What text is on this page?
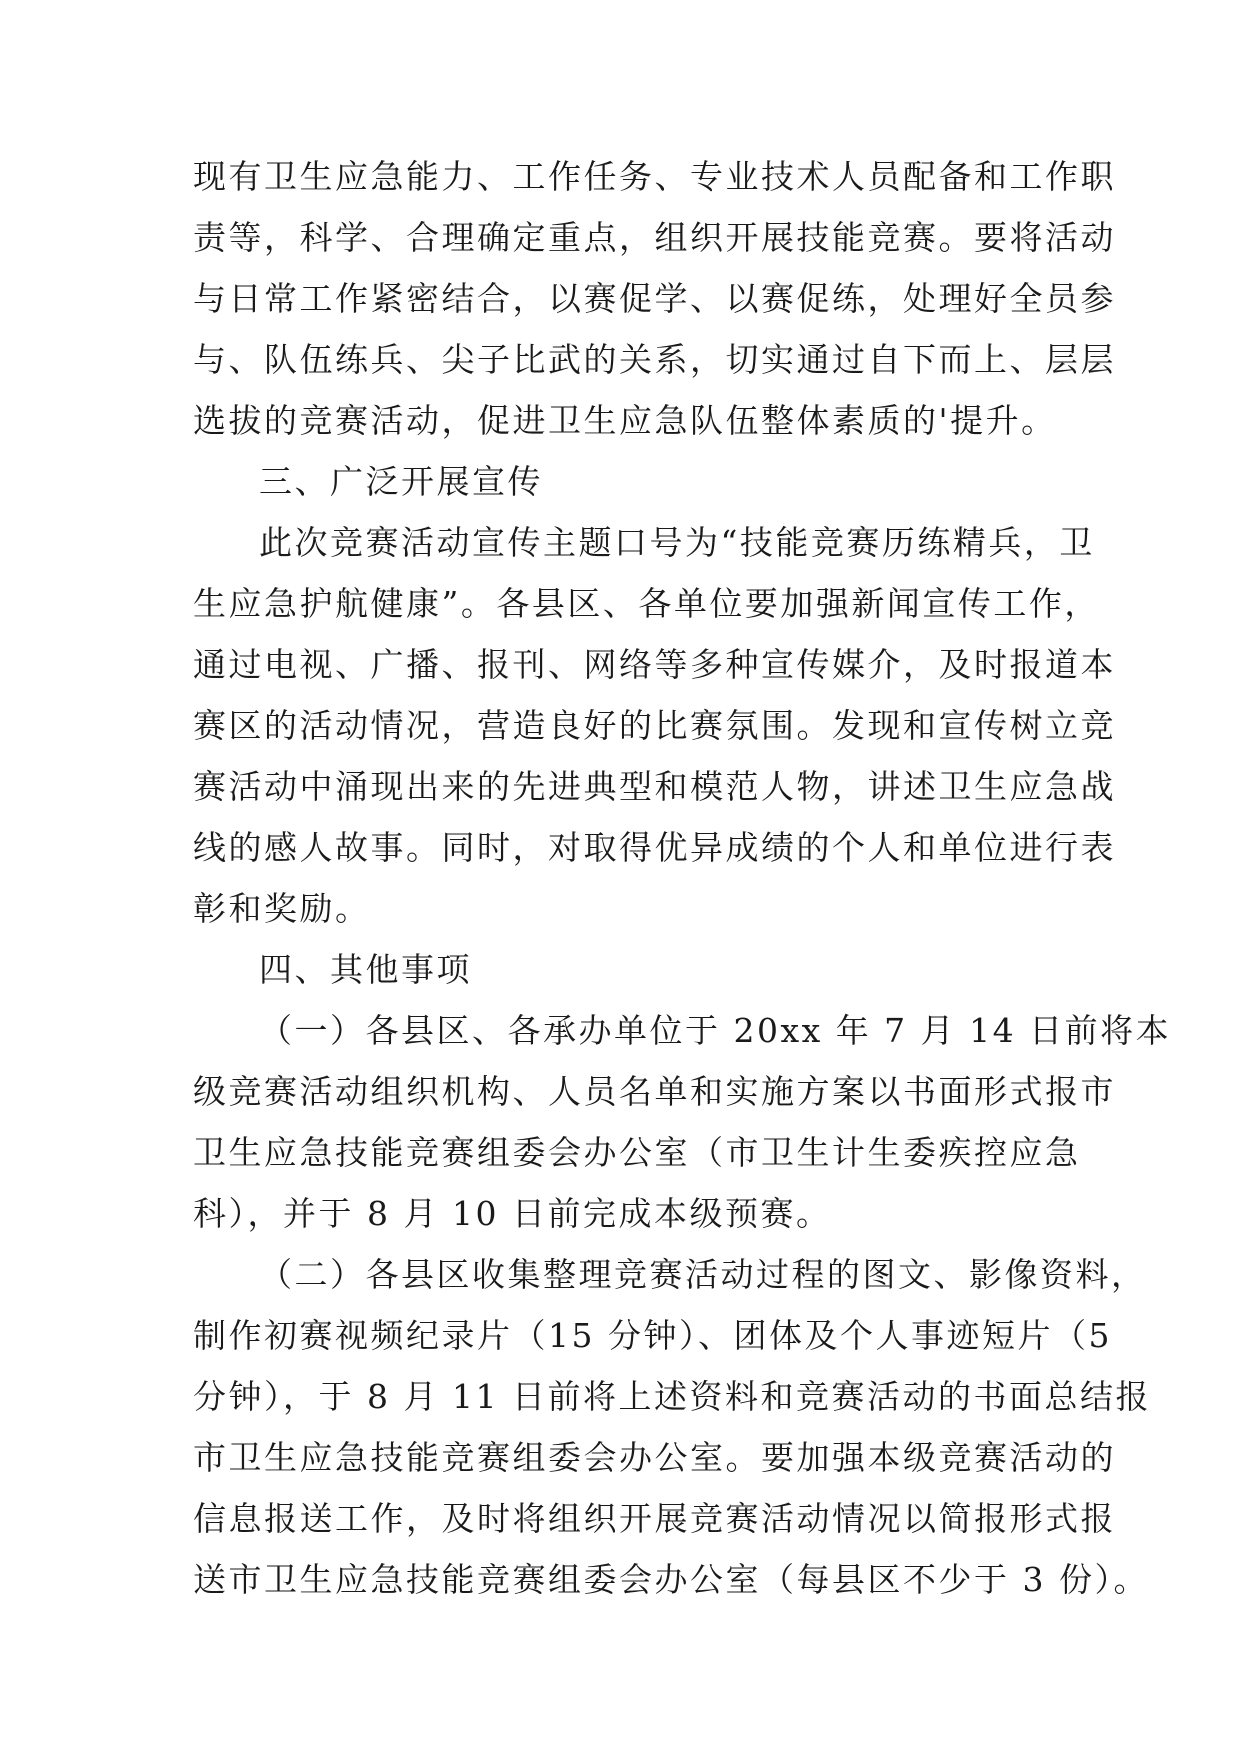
现有卫生应急能力、工作任务、专业技术人员配备和工作职
责等，科学、合理确定重点，组织开展技能竞赛。要将活动
与日常工作紧密结合，以赛促学、以赛促练，处理好全员参
与、队伍练兵、尖子比武的关系，切实通过自下而上、层层
选拔的竞赛活动，促进卫生应急队伍整体素质的'提升。
三、广泛开展宣传
此次竞赛活动宣传主题口号为“技能竞赛历练精兵，卫
生应急护航健康”。各县区、各单位要加强新闻宣传工作，
通过电视、广播、报刊、网络等多种宣传媒介，及时报道本
赛区的活动情况，营造良好的比赛氛围。发现和宣传树立竞
赛活动中涌现出来的先进典型和模范人物，讲述卫生应急战
线的感人故事。同时，对取得优异成绩的个人和单位进行表
彰和奖励。
四、其他事项
（一）各县区、各承办单位于 20xx 年 7 月 14 日前将本
级竞赛活动组织机构、人员名单和实施方案以书面形式报市
卫生应急技能竞赛组委会办公室（市卫生计生委疾控应急
科），并于 8 月 10 日前完成本级预赛。
（二）各县区收集整理竞赛活动过程的图文、影像资料，
制作初赛视频纪录片（15 分钟）、团体及个人事迹短片（5
分钟），于 8 月 11 日前将上述资料和竞赛活动的书面总结报
市卫生应急技能竞赛组委会办公室。要加强本级竞赛活动的
信息报送工作，及时将组织开展竞赛活动情况以简报形式报
送市卫生应急技能竞赛组委会办公室（每县区不少于 3 份）。
